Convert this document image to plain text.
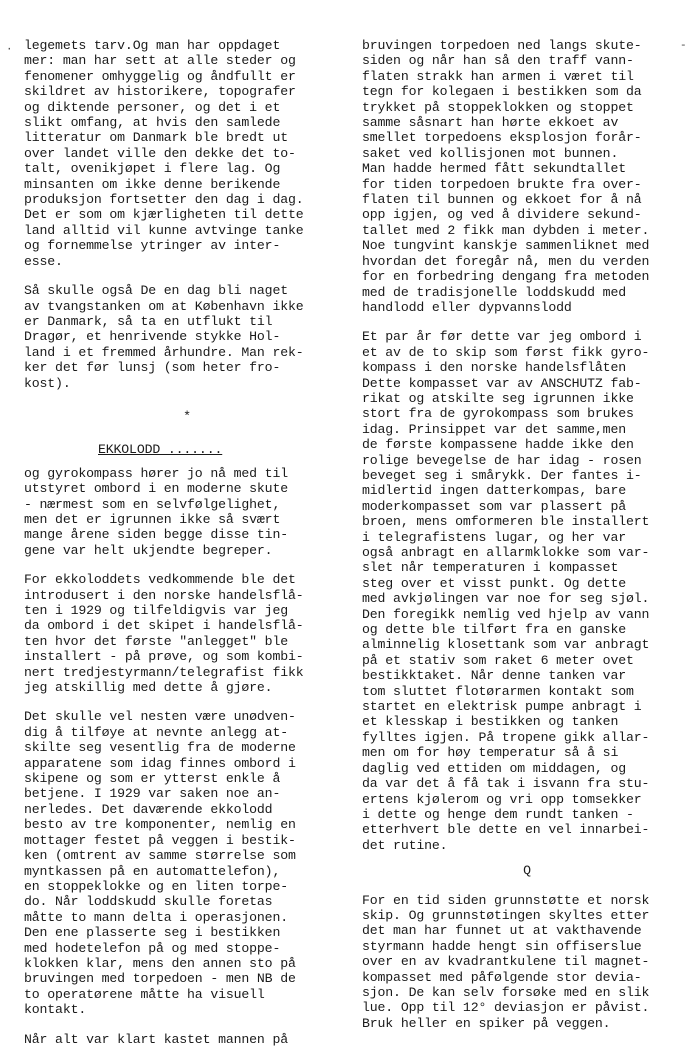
·	-

legemets tarv.Og man har oppdaget
mer: man har sett at alle steder og
fenomener omhyggelig og åndfullt er
skildret av historikere, topografer
og diktende personer, og det i et
slikt omfang, at hvis den samlede
litteratur om Danmark ble bredt ut
over landet ville den dekke det to-
talt, ovenikjøpet i flere lag. Og
minsanten om ikke denne berikende
produksjon fortsetter den dag i dag.
Det er som om kjærligheten til dette
land alltid vil kunne avtvinge tanke
og fornemmelse ytringer av inter-
esse.

Så skulle også De en dag bli naget
av tvangstanken om at København ikke
er Danmark, så ta en utflukt til
Dragør, et henrivende stykke Hol-
land i et fremmed århundre. Man rek-
ker det før lunsj (som heter fro-
kost).

*

EKKOLODD .......

og gyrokompass hører jo nå med til
utstyret ombord i en moderne skute
- nærmest som en selvfølgelighet,
men det er igrunnen ikke så svært
mange årene siden begge disse tin-
gene var helt ukjendte begreper.

For ekkoloddets vedkommende ble det
introdusert i den norske handelsflå-
ten i 1929 og tilfeldigvis var jeg
da ombord i det skipet i handelsflå-
ten hvor det første "anlegget" ble
installert - på prøve, og som kombi-
nert tredjestyrmann/telegrafist fikk
jeg atskillig med dette å gjøre.

Det skulle vel nesten være unødven-
dig å tilføye at nevnte anlegg at-
skilte seg vesentlig fra de moderne
apparatene som idag finnes ombord i
skipene og som er ytterst enkle å
betjene. I 1929 var saken noe an-
nerledes. Det daværende ekkolodd
besto av tre komponenter, nemlig en
mottager festet på veggen i bestik-
ken (omtrent av samme størrelse som
myntkassen på en automattelefon),
en stoppeklokke og en liten torpe-
do. Når loddskudd skulle foretas
måtte to mann delta i operasjonen.
Den ene plasserte seg i bestikken
med hodetelefon på og med stoppe-
klokken klar, mens den annen sto på
bruvingen med torpedoen - men NB de
to operatørene måtte ha visuell
kontakt.

Når alt var klart kastet mannen på

bruvingen torpedoen ned langs skute-
siden og når han så den traff vann-
flaten strakk han armen i været til
tegn for kolegaen i bestikken som da
trykket på stoppeklokken og stoppet
samme såsnart han hørte ekkoet av
smellet torpedoens eksplosjon forår-
saket ved kollisjonen mot bunnen.
Man hadde hermed fått sekundtallet
for tiden torpedoen brukte fra over-
flaten til bunnen og ekkoet for å nå
opp igjen, og ved å dividere sekund-
tallet med 2 fikk man dybden i meter.
Noe tungvint kanskje sammenliknet med
hvordan det foregår nå, men du verden
for en forbedring dengang fra metoden
med de tradisjonelle loddskudd med
handlodd eller dypvannslodd

Et par år før dette var jeg ombord i
et av de to skip som først fikk gyro-
kompass i den norske handelsflåten
Dette kompasset var av ANSCHUTZ fab-
rikat og atskilte seg igrunnen ikke
stort fra de gyrokompass som brukes
idag. Prinsippet var det samme,men
de første kompassene hadde ikke den
rolige bevegelse de har idag - rosen
beveget seg i smårykk. Der fantes i-
midlertid ingen datterkompas, bare
moderkompasset som var plassert på
broen, mens omformeren ble installert
i telegrafistens lugar, og her var
også anbragt en allarmklokke som var-
slet når temperaturen i kompasset
steg over et visst punkt. Og dette
med avkjølingen var noe for seg sjøl.
Den foregikk nemlig ved hjelp av vann
og dette ble tilført fra en ganske
alminnelig klosettank som var anbragt
på et stativ som raket 6 meter ovet
bestikktaket. Når denne tanken var
tom sluttet flotørarmen kontakt som
startet en elektrisk pumpe anbragt i
et klesskap i bestikken og tanken
fylltes igjen. På tropene gikk allar-
men om for høy temperatur så å si
daglig ved ettiden om middagen, og
da var det å få tak i isvann fra stu-
ertens kjølerom og vri opp tomsekker
i dette og henge dem rundt tanken -
etterhvert ble dette en vel innarbei-
det rutine.

Q

For en tid siden grunnstøtte et norsk
skip. Og grunnstøtingen skyltes etter
det man har funnet ut at vakthavende
styrmann hadde hengt sin offiserslue
over en av kvadrantkulene til magnet-
kompasset med påfølgende stor devia-
sjon. De kan selv forsøke med en slik
lue. Opp til 12° deviasjon er påvist.
Bruk heller en spiker på veggen.
